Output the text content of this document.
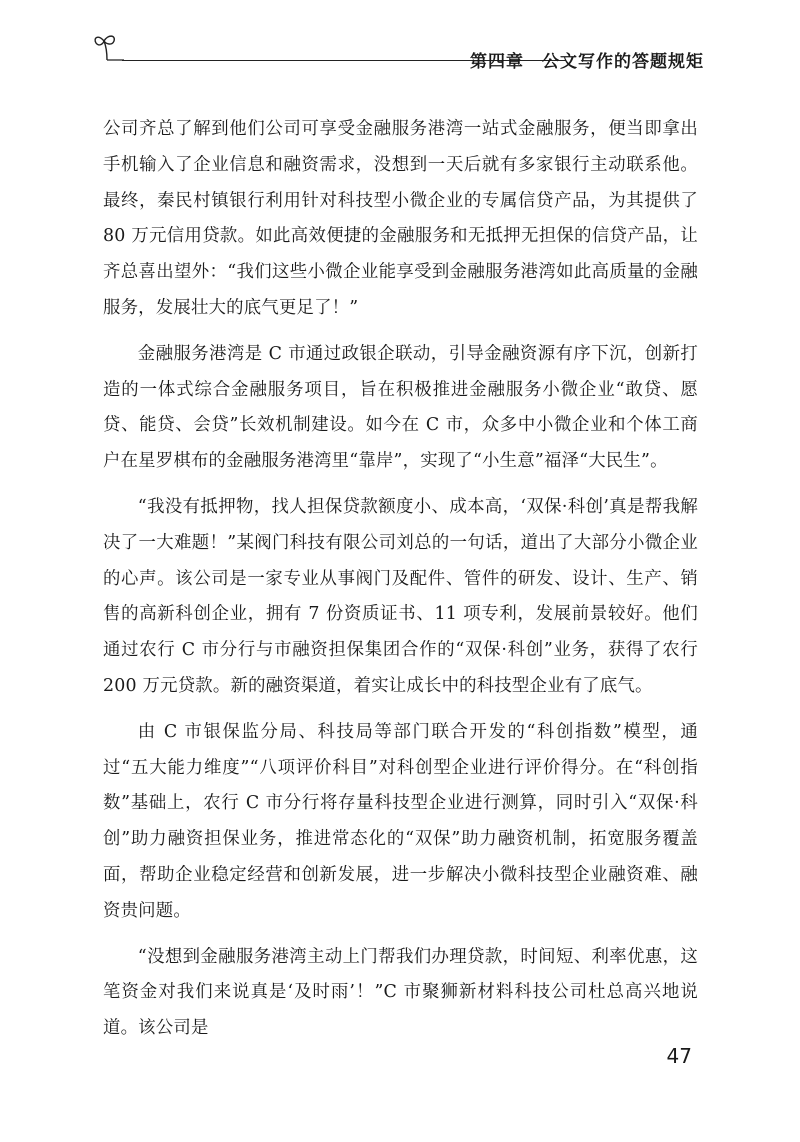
第四章 公文写作的答题规矩

公司齐总了解到他们公司可享受金融服务港湾一站式金融服务，便当即拿出手机输入了企业信息和融资需求，没想到一天后就有多家银行主动联系他。最终，秦民村镇银行利用针对科技型小微企业的专属信贷产品，为其提供了 80 万元信用贷款。如此高效便捷的金融服务和无抵押无担保的信贷产品，让齐总喜出望外：“我们这些小微企业能享受到金融服务港湾如此高质量的金融服务，发展壮大的底气更足了！”

金融服务港湾是 C 市通过政银企联动，引导金融资源有序下沉，创新打造的一体式综合金融服务项目，旨在积极推进金融服务小微企业“敢贷、愿贷、能贷、会贷”长效机制建设。如今在 C 市，众多中小微企业和个体工商户在星罗棋布的金融服务港湾里“靠岸”，实现了“小生意”福泽“大民生”。

“我没有抵押物，找人担保贷款额度小、成本高，‘双保·科创’真是帮我解决了一大难题！”某阀门科技有限公司刘总的一句话，道出了大部分小微企业的心声。该公司是一家专业从事阀门及配件、管件的研发、设计、生产、销售的高新科创企业，拥有 7 份资质证书、11 项专利，发展前景较好。他们通过农行 C 市分行与市融资担保集团合作的“双保·科创”业务，获得了农行 200 万元贷款。新的融资渠道，着实让成长中的科技型企业有了底气。

由 C 市银保监分局、科技局等部门联合开发的“科创指数”模型，通过“五大能力维度”“八项评价科目”对科创型企业进行评价得分。在“科创指数”基础上，农行 C 市分行将存量科技型企业进行测算，同时引入“双保·科创”助力融资担保业务，推进常态化的“双保”助力融资机制，拓宽服务覆盖面，帮助企业稳定经营和创新发展，进一步解决小微科技型企业融资难、融资贵问题。

“没想到金融服务港湾主动上门帮我们办理贷款，时间短、利率优惠，这笔资金对我们来说真是‘及时雨’！”C 市聚狮新材料科技公司杜总高兴地说道。该公司是

47
